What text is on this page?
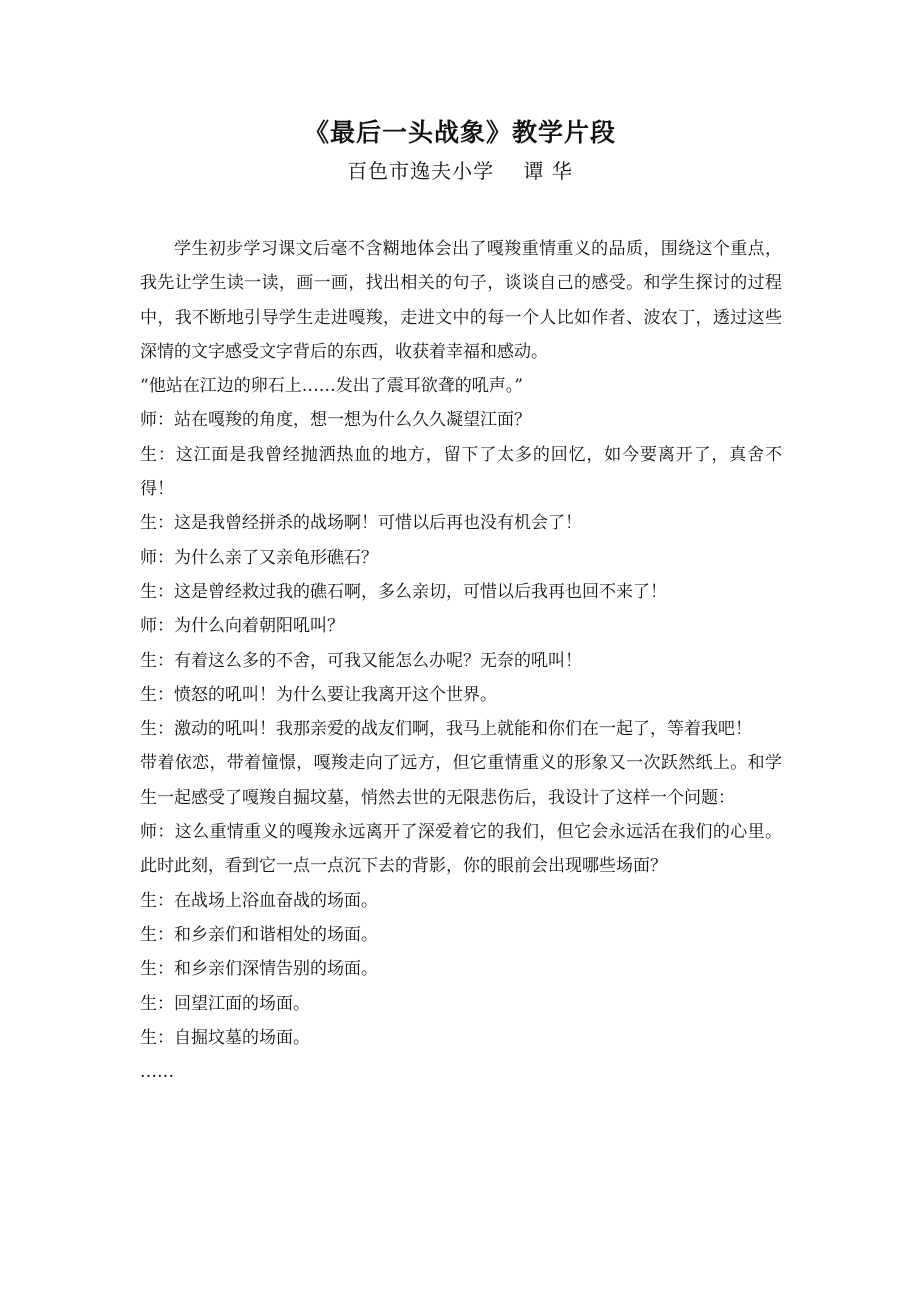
《最后一头战象》教学片段
百色市逸夫小学    谭 华

学生初步学习课文后毫不含糊地体会出了嘎羧重情重义的品质，围绕这个重点，我先让学生读一读，画一画，找出相关的句子，谈谈自己的感受。和学生探讨的过程中，我不断地引导学生走进嘎羧，走进文中的每一个人比如作者、波农丁，透过这些深情的文字感受文字背后的东西，收获着幸福和感动。

“他站在江边的卵石上……发出了震耳欲聋的吼声。”

师：站在嘎羧的角度，想一想为什么久久凝望江面？

生：这江面是我曾经抛洒热血的地方，留下了太多的回忆，如今要离开了，真舍不得！

生：这是我曾经拼杀的战场啊！可惜以后再也没有机会了！

师：为什么亲了又亲龟形礁石？

生：这是曾经救过我的礁石啊，多么亲切，可惜以后我再也回不来了！

师：为什么向着朝阳吼叫？

生：有着这么多的不舍，可我又能怎么办呢？无奈的吼叫！

生：愤怒的吼叫！为什么要让我离开这个世界。

生：激动的吼叫！我那亲爱的战友们啊，我马上就能和你们在一起了，等着我吧！

带着依恋，带着憧憬，嘎羧走向了远方，但它重情重义的形象又一次跃然纸上。和学生一起感受了嘎羧自掘坟墓，悄然去世的无限悲伤后，我设计了这样一个问题：

师：这么重情重义的嘎羧永远离开了深爱着它的我们，但它会永远活在我们的心里。此时此刻，看到它一点一点沉下去的背影，你的眼前会出现哪些场面？

生：在战场上浴血奋战的场面。

生：和乡亲们和谐相处的场面。

生：和乡亲们深情告别的场面。

生：回望江面的场面。

生：自掘坟墓的场面。

……
